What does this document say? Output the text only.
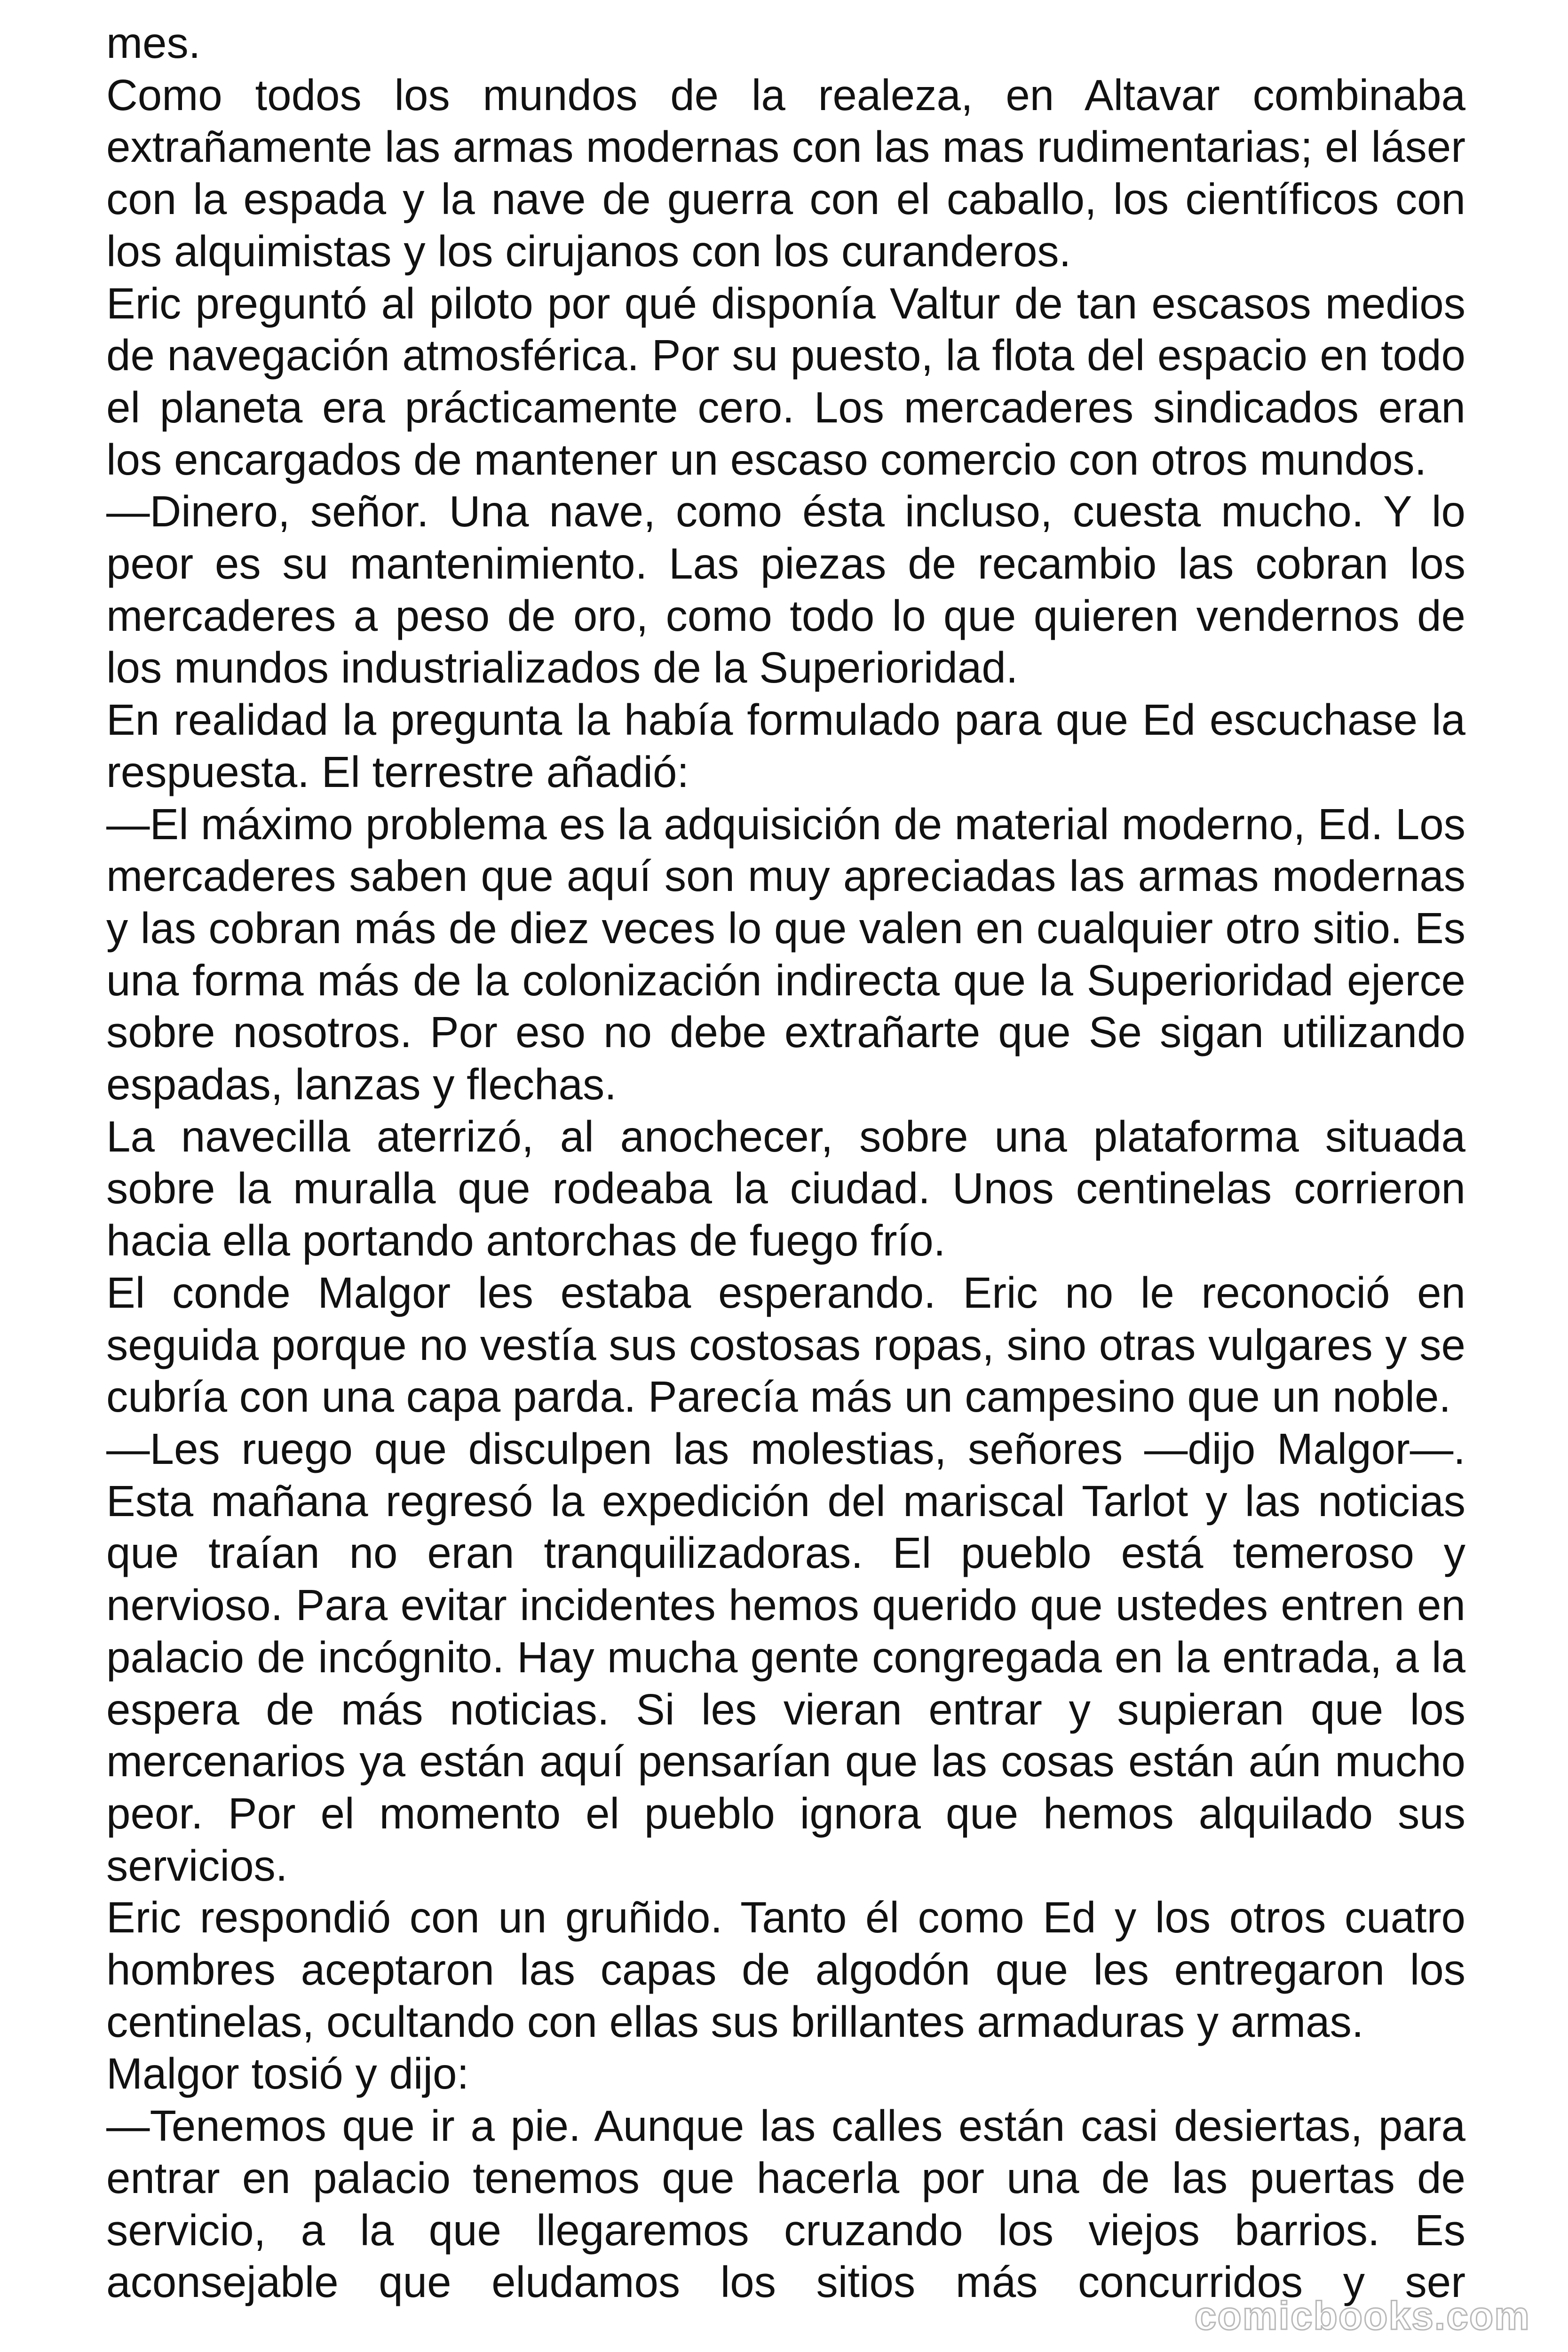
mes.

Como todos los mundos de la realeza, en Altavar combinaba extrañamente las armas modernas con las mas rudimentarias; el láser con la espada y la nave de guerra con el caballo, los científicos con los alquimistas y los cirujanos con los curanderos.

Eric preguntó al piloto por qué disponía Valtur de tan escasos medios de navegación atmosférica. Por su puesto, la flota del espacio en todo el planeta era prácticamente cero. Los mercaderes sindicados eran los encargados de mantener un escaso comercio con otros mundos.

—Dinero, señor. Una nave, como ésta incluso, cuesta mucho. Y lo peor es su mantenimiento. Las piezas de recambio las cobran los mercaderes a peso de oro, como todo lo que quieren vendernos de los mundos industrializados de la Superioridad.

En realidad la pregunta la había formulado para que Ed escuchase la respuesta. El terrestre añadió:

—El máximo problema es la adquisición de material moderno, Ed. Los mercaderes saben que aquí son muy apreciadas las armas modernas y las cobran más de diez veces lo que valen en cualquier otro sitio. Es una forma más de la colonización indirecta que la Superioridad ejerce sobre nosotros. Por eso no debe extrañarte que Se sigan utilizando espadas, lanzas y flechas.

La navecilla aterrizó, al anochecer, sobre una plataforma situada sobre la muralla que rodeaba la ciudad. Unos centinelas corrieron hacia ella portando antorchas de fuego frío.

El conde Malgor les estaba esperando. Eric no le reconoció en seguida porque no vestía sus costosas ropas, sino otras vulgares y se cubría con una capa parda. Parecía más un campesino que un noble.

—Les ruego que disculpen las molestias, señores —dijo Malgor—. Esta mañana regresó la expedición del mariscal Tarlot y las noticias que traían no eran tranquilizadoras. El pueblo está temeroso y nervioso. Para evitar incidentes hemos querido que ustedes entren en palacio de incógnito. Hay mucha gente congregada en la entrada, a la espera de más noticias. Si les vieran entrar y supieran que los mercenarios ya están aquí pensarían que las cosas están aún mucho peor. Por el momento el pueblo ignora que hemos alquilado sus servicios.

Eric respondió con un gruñido. Tanto él como Ed y los otros cuatro hombres aceptaron las capas de algodón que les entregaron los centinelas, ocultando con ellas sus brillantes armaduras y armas.

Malgor tosió y dijo:

—Tenemos que ir a pie. Aunque las calles están casi desiertas, para entrar en palacio tenemos que hacerla por una de las puertas de servicio, a la que llegaremos cruzando los viejos barrios. Es aconsejable que eludamos los sitios más concurridos y ser

comicbooks.com
